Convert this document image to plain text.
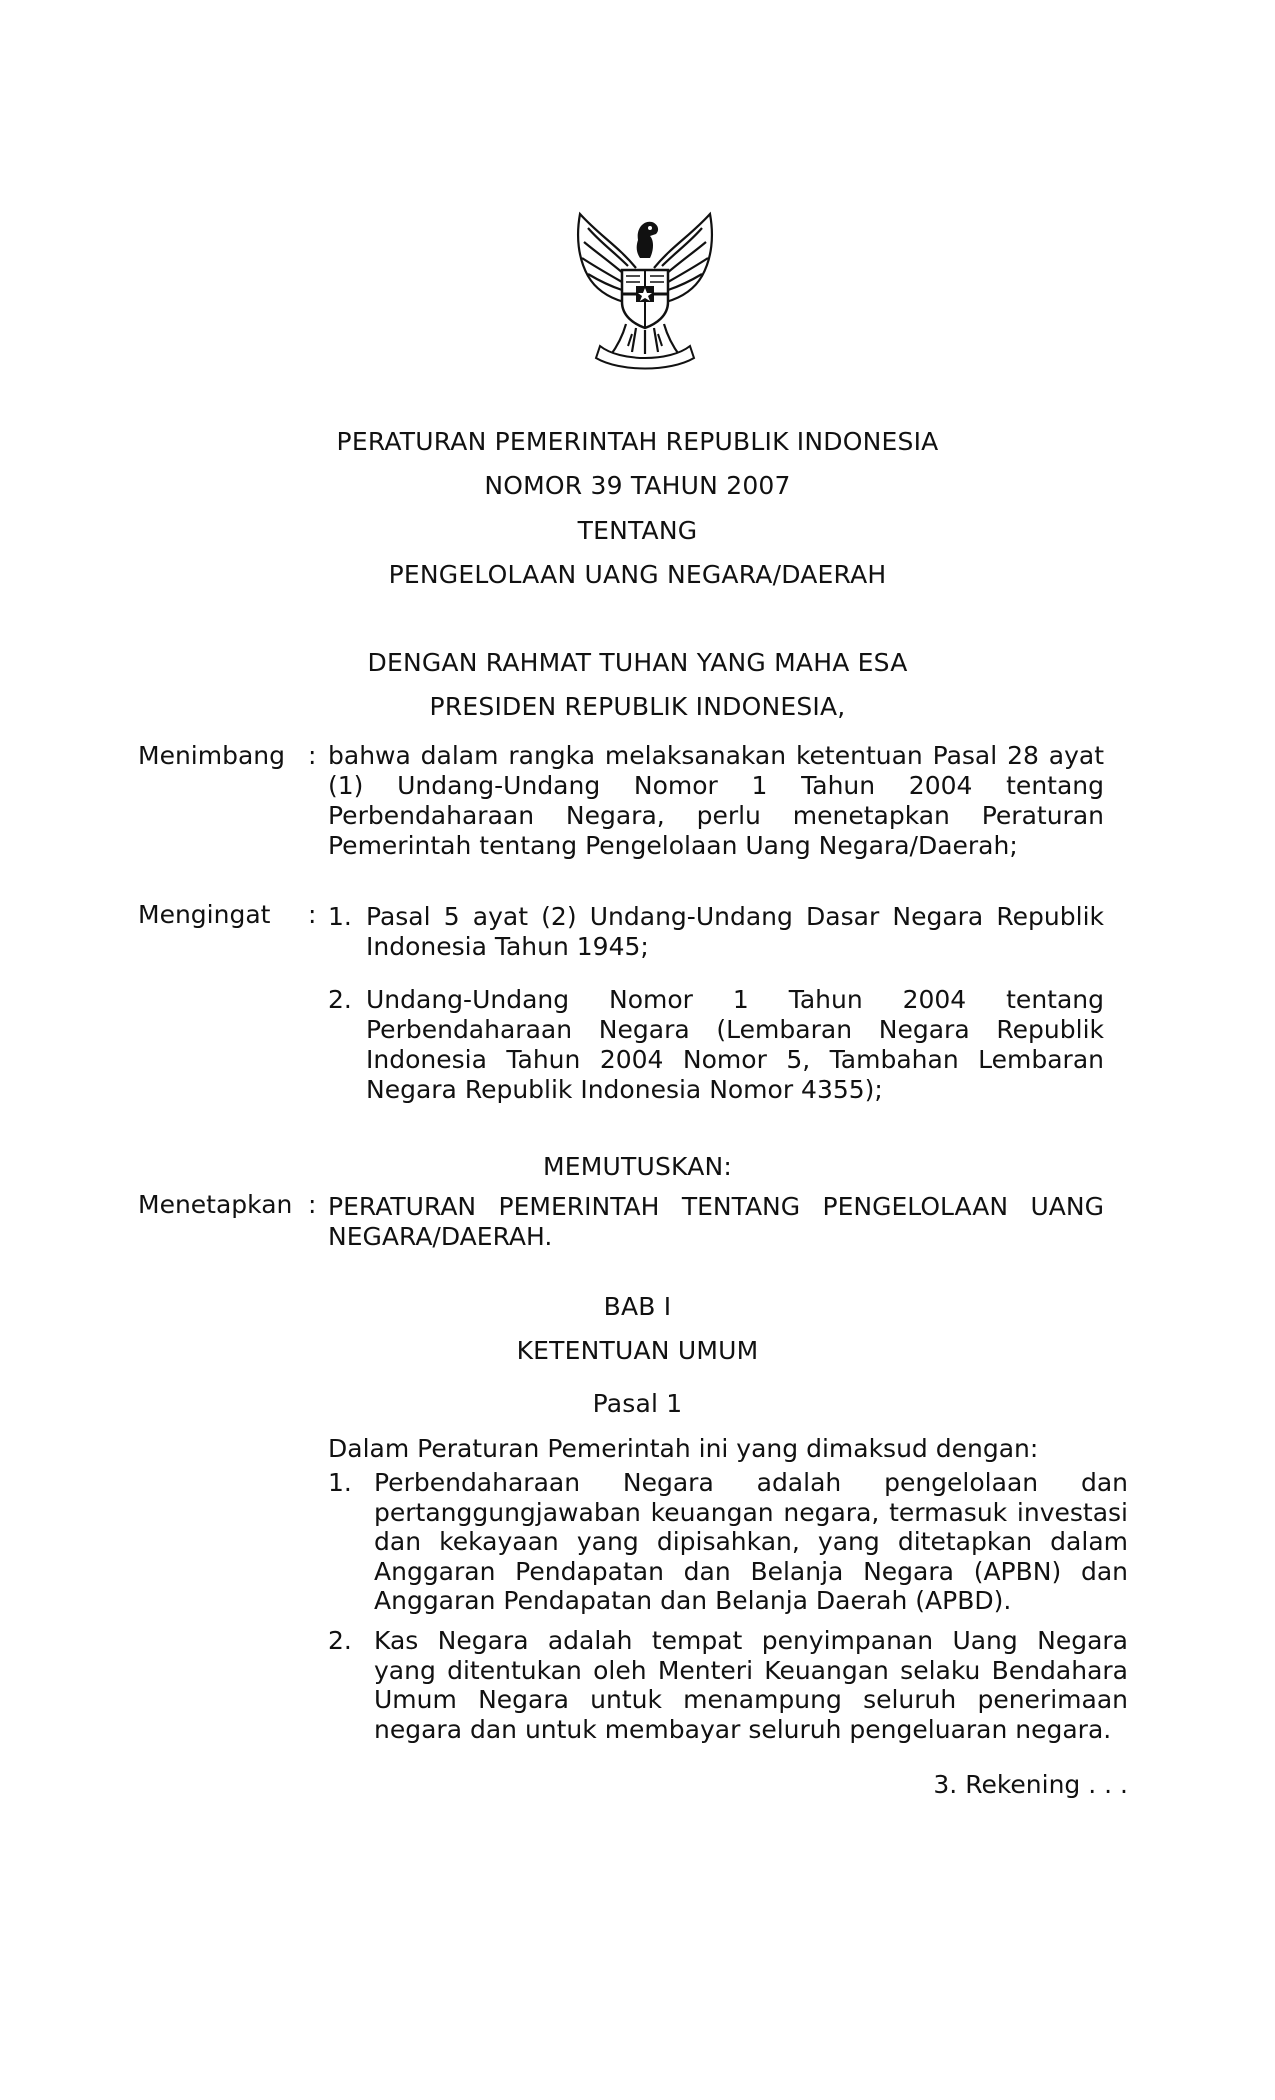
PERATURAN PEMERINTAH REPUBLIK INDONESIA
NOMOR 39 TAHUN 2007
TENTANG
PENGELOLAAN UANG NEGARA/DAERAH
DENGAN RAHMAT TUHAN YANG MAHA ESA
PRESIDEN REPUBLIK INDONESIA,
Menimbang : bahwa dalam rangka melaksanakan ketentuan Pasal 28 ayat (1) Undang-Undang Nomor 1 Tahun 2004 tentang Perbendaharaan Negara, perlu menetapkan Peraturan Pemerintah tentang Pengelolaan Uang Negara/Daerah;
Mengingat : 1. Pasal 5 ayat (2) Undang-Undang Dasar Negara Republik Indonesia Tahun 1945;
2. Undang-Undang Nomor 1 Tahun 2004 tentang Perbendaharaan Negara (Lembaran Negara Republik Indonesia Tahun 2004 Nomor 5, Tambahan Lembaran Negara Republik Indonesia Nomor 4355);
MEMUTUSKAN:
Menetapkan : PERATURAN PEMERINTAH TENTANG PENGELOLAAN UANG NEGARA/DAERAH.
BAB I
KETENTUAN UMUM
Pasal 1
Dalam Peraturan Pemerintah ini yang dimaksud dengan:
1. Perbendaharaan Negara adalah pengelolaan dan pertanggungjawaban keuangan negara, termasuk investasi dan kekayaan yang dipisahkan, yang ditetapkan dalam Anggaran Pendapatan dan Belanja Negara (APBN) dan Anggaran Pendapatan dan Belanja Daerah (APBD).
2. Kas Negara adalah tempat penyimpanan Uang Negara yang ditentukan oleh Menteri Keuangan selaku Bendahara Umum Negara untuk menampung seluruh penerimaan negara dan untuk membayar seluruh pengeluaran negara.
3. Rekening . . .
